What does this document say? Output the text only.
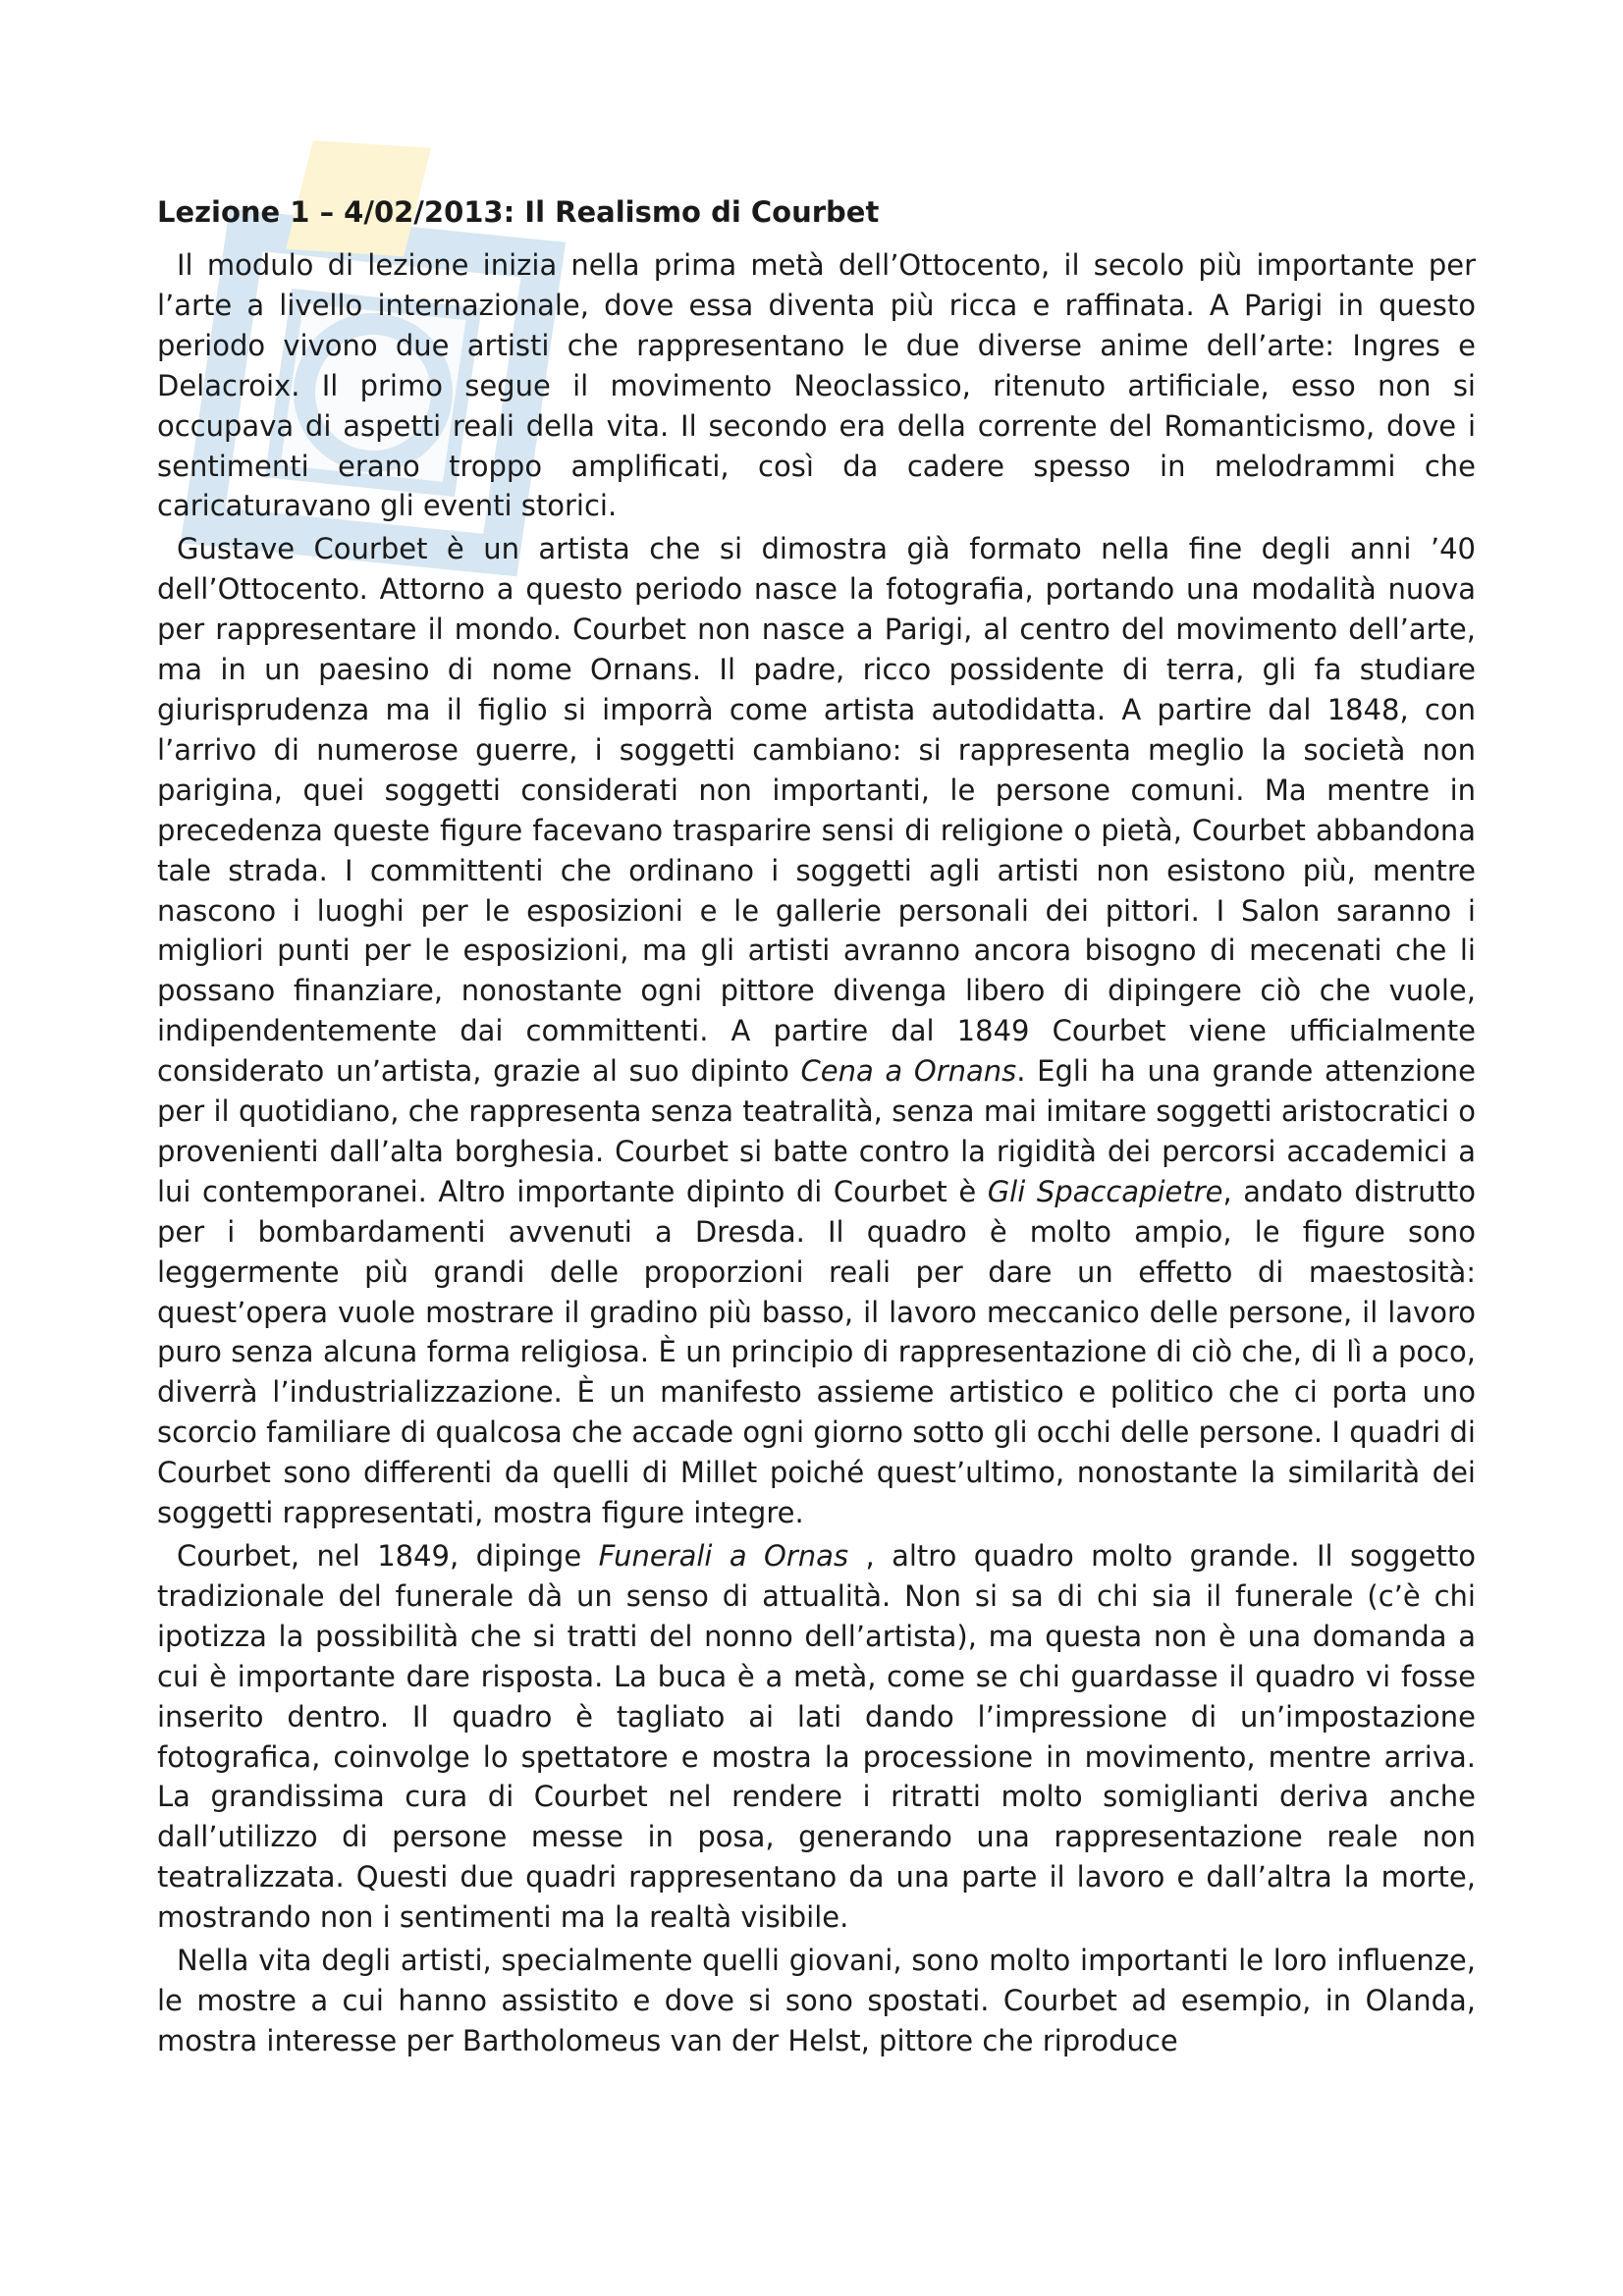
Lezione 1 – 4/02/2013: Il Realismo di Courbet

Il modulo di lezione inizia nella prima metà dell’Ottocento, il secolo più importante per l’arte a livello internazionale, dove essa diventa più ricca e raffinata. A Parigi in questo periodo vivono due artisti che rappresentano le due diverse anime dell’arte: Ingres e Delacroix. Il primo segue il movimento Neoclassico, ritenuto artificiale, esso non si occupava di aspetti reali della vita. Il secondo era della corrente del Romanticismo, dove i sentimenti erano troppo amplificati, così da cadere spesso in melodrammi che caricaturavano gli eventi storici.

Gustave Courbet è un artista che si dimostra già formato nella fine degli anni ’40 dell’Ottocento. Attorno a questo periodo nasce la fotografia, portando una modalità nuova per rappresentare il mondo. Courbet non nasce a Parigi, al centro del movimento dell’arte, ma in un paesino di nome Ornans. Il padre, ricco possidente di terra, gli fa studiare giurisprudenza ma il figlio si imporrà come artista autodidatta. A partire dal 1848, con l’arrivo di numerose guerre, i soggetti cambiano: si rappresenta meglio la società non parigina, quei soggetti considerati non importanti, le persone comuni. Ma mentre in precedenza queste figure facevano trasparire sensi di religione o pietà, Courbet abbandona tale strada. I committenti che ordinano i soggetti agli artisti non esistono più, mentre nascono i luoghi per le esposizioni e le gallerie personali dei pittori. I Salon saranno i migliori punti per le esposizioni, ma gli artisti avranno ancora bisogno di mecenati che li possano finanziare, nonostante ogni pittore divenga libero di dipingere ciò che vuole, indipendentemente dai committenti. A partire dal 1849 Courbet viene ufficialmente considerato un’artista, grazie al suo dipinto Cena a Ornans. Egli ha una grande attenzione per il quotidiano, che rappresenta senza teatralità, senza mai imitare soggetti aristocratici o provenienti dall’alta borghesia. Courbet si batte contro la rigidità dei percorsi accademici a lui contemporanei. Altro importante dipinto di Courbet è Gli Spaccapietre, andato distrutto per i bombardamenti avvenuti a Dresda. Il quadro è molto ampio, le figure sono leggermente più grandi delle proporzioni reali per dare un effetto di maestosità: quest’opera vuole mostrare il gradino più basso, il lavoro meccanico delle persone, il lavoro puro senza alcuna forma religiosa. È un principio di rappresentazione di ciò che, di lì a poco, diverrà l’industrializzazione. È un manifesto assieme artistico e politico che ci porta uno scorcio familiare di qualcosa che accade ogni giorno sotto gli occhi delle persone. I quadri di Courbet sono differenti da quelli di Millet poiché quest’ultimo, nonostante la similarità dei soggetti rappresentati, mostra figure integre.

Courbet, nel 1849, dipinge Funerali a Ornas , altro quadro molto grande. Il soggetto tradizionale del funerale dà un senso di attualità. Non si sa di chi sia il funerale (c’è chi ipotizza la possibilità che si tratti del nonno dell’artista), ma questa non è una domanda a cui è importante dare risposta. La buca è a metà, come se chi guardasse il quadro vi fosse inserito dentro. Il quadro è tagliato ai lati dando l’impressione di un’impostazione fotografica, coinvolge lo spettatore e mostra la processione in movimento, mentre arriva. La grandissima cura di Courbet nel rendere i ritratti molto somiglianti deriva anche dall’utilizzo di persone messe in posa, generando una rappresentazione reale non teatralizzata. Questi due quadri rappresentano da una parte il lavoro e dall’altra la morte, mostrando non i sentimenti ma la realtà visibile.

Nella vita degli artisti, specialmente quelli giovani, sono molto importanti le loro influenze, le mostre a cui hanno assistito e dove si sono spostati. Courbet ad esempio, in Olanda, mostra interesse per Bartholomeus van der Helst, pittore che riproduce
